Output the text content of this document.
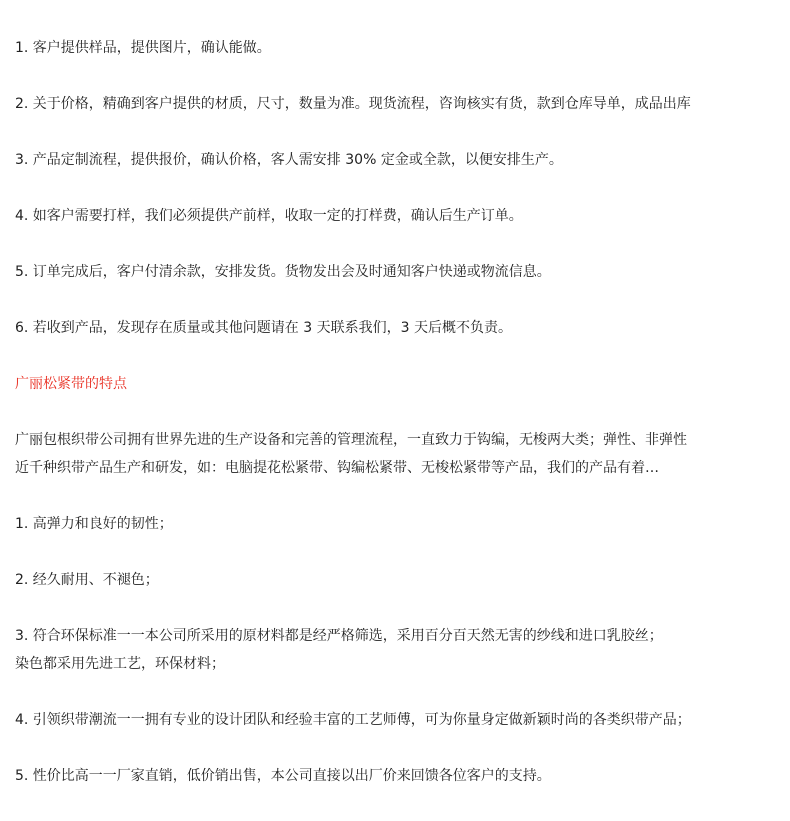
1. 客户提供样品，提供图片，确认能做。
2. 关于价格，精确到客户提供的材质，尺寸，数量为准。现货流程，咨询核实有货，款到仓库导单，成品出库
3. 产品定制流程，提供报价，确认价格，客人需安排 30% 定金或全款，以便安排生产。
4. 如客户需要打样，我们必须提供产前样，收取一定的打样费，确认后生产订单。
5. 订单完成后，客户付清余款，安排发货。货物发出会及时通知客户快递或物流信息。
6. 若收到产品，发现存在质量或其他问题请在 3 天联系我们，3 天后概不负责。
广丽松紧带的特点
广丽包根织带公司拥有世界先进的生产设备和完善的管理流程，一直致力于钩编，无梭两大类；弹性、非弹性
近千种织带产品生产和研发，如：电脑提花松紧带、钩编松紧带、无梭松紧带等产品，我们的产品有着…
1. 高弹力和良好的韧性；
2. 经久耐用、不褪色；
3. 符合环保标准一一本公司所采用的原材料都是经严格筛选，采用百分百天然无害的纱线和进口乳胶丝；
染色都采用先进工艺，环保材料；
4. 引领织带潮流一一拥有专业的设计团队和经验丰富的工艺师傅，可为你量身定做新颖时尚的各类织带产品；
5. 性价比高一一厂家直销，低价销出售，本公司直接以出厂价来回馈各位客户的支持。
